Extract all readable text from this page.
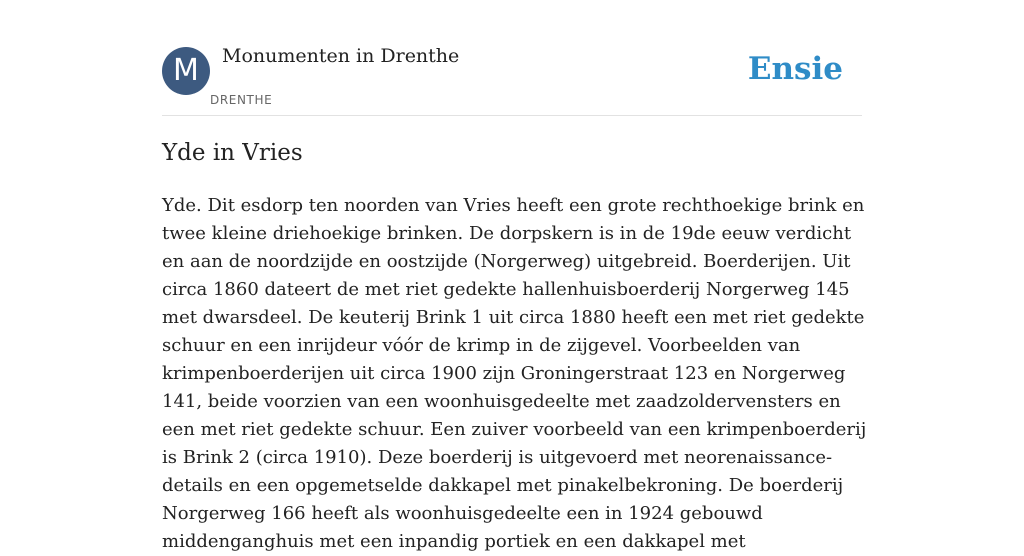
M	Monumenten in Drenthe
DRENTHE
Ensie
Yde in Vries

Yde. Dit esdorp ten noorden van Vries heeft een grote rechthoekige brink en twee kleine driehoekige brinken. De dorpskern is in de 19de eeuw verdicht en aan de noordzijde en oostzijde (Norgerweg) uitgebreid. Boerderijen. Uit circa 1860 dateert de met riet gedekte hallenhuisboerderij Norgerweg 145 met dwarsdeel. De keuterij Brink 1 uit circa 1880 heeft een met riet gedekte schuur en een inrijdeur vóór de krimp in de zijgevel. Voorbeelden van krimpenboerderijen uit circa 1900 zijn Groningerstraat 123 en Norgerweg 141, beide voorzien van een woonhuisgedeelte met zaadzoldervensters en een met riet gedekte schuur. Een zuiver voorbeeld van een krimpenboerderij is Brink 2 (circa 1910). Deze boerderij is uitgevoerd met neorenaissance-details en een opgemetselde dakkapel met pinakelbekroning. De boerderij Norgerweg 166 heeft als woonhuisgedeelte een in 1924 gebouwd middenganghuis met een inpandig portiek en een dakkapel met
